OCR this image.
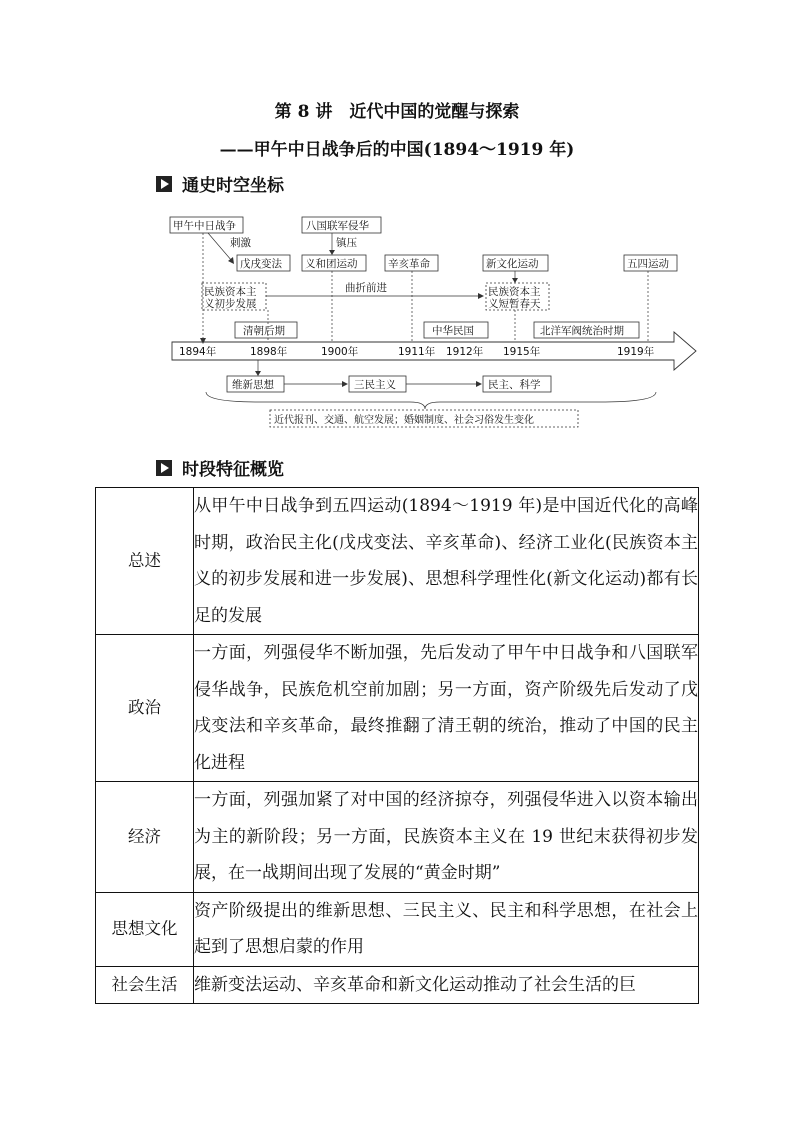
第 8 讲　近代中国的觉醒与探索
——甲午中日战争后的中国(1894～1919 年)
通史时空坐标
甲午中日战争	八国联军侵华
戊戌变法 义和团运动	辛亥革命	新文化运动	五四运动
刺激	镇压
曲折前进
民族资本主
义初步发展
民族资本主
义短暂春天
清朝后期	中华民国	北洋军阀统治时期
1894年	1898年	1900年	1911年 1912年 1915年	1919年
维新思想	三民主义	民主、科学
近代报刊、交通、航空发展；婚姻制度、社会习俗发生变化
时段特征概览
总述	从甲午中日战争到五四运动(1894～1919 年)是中国近代化的高峰时期，政治民主化(戊戌变法、辛亥革命)、经济工业化(民族资本主义的初步发展和进一步发展)、思想科学理性化(新文化运动)都有长足的发展
政治	一方面，列强侵华不断加强，先后发动了甲午中日战争和八国联军侵华战争，民族危机空前加剧；另一方面，资产阶级先后发动了戊戌变法和辛亥革命，最终推翻了清王朝的统治，推动了中国的民主化进程
经济	一方面，列强加紧了对中国的经济掠夺，列强侵华进入以资本输出为主的新阶段；另一方面，民族资本主义在 19 世纪末获得初步发展，在一战期间出现了发展的“黄金时期”
思想文化	资产阶级提出的维新思想、三民主义、民主和科学思想，在社会上起到了思想启蒙的作用
社会生活	维新变法运动、辛亥革命和新文化运动推动了社会生活的巨
